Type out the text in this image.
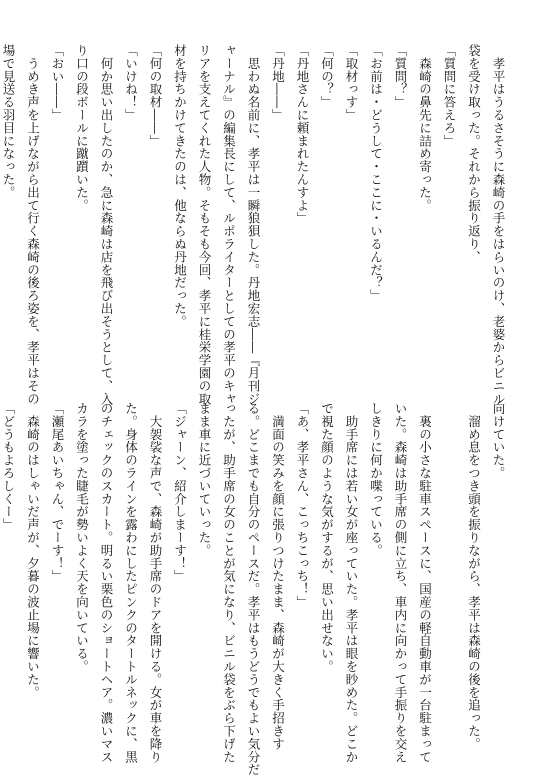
　孝平はうるさそうに森崎の手をはらいのけ、老婆からビニル
袋を受け取った。それから振り返り、
「質問に答えろ」
　森崎の鼻先に詰め寄った。
「質問？」
「お前は・どうして・ここに・いるんだ？」
「取材っす」
「何の？」
「丹地さんに頼まれたんすよ」
「丹地――」
　思わぬ名前に、孝平は一瞬狼狽した。丹地宏志――『月刊ジ
ャーナル』の編集長にして、ルポライターとしての孝平のキャ
リアを支えてくれた人物。そもそも今回、孝平に桂栄学園の取
材を持ちかけてきたのは、他ならぬ丹地だった。
「何の取材――」
「いけね！」
　何か思い出したのか、急に森崎は店を飛び出そうとして、入
り口の段ボールに蹴躓いた。
「おい――」
　うめき声を上げながら出て行く森崎の後ろ姿を、孝平はその
場で見送る羽目になった。
向けていた。
　溜め息をつき頭を振りながら、孝平は森崎の後を追った。

　裏の小さな駐車スペースに、国産の軽自動車が一台駐まって
いた。森崎は助手席の側に立ち、車内に向かって手振りを交え
しきりに何か喋っている。
　助手席には若い女が座っていた。孝平は眼を眇めた。どこか
で視た顔のような気がするが、思い出せない。
「あ、孝平さん、こっちこっち！」
　満面の笑みを顔に張りつけたまま、森崎が大きく手招きす
る。どこまでも自分のペースだ。孝平はもうどうでもよい気分だ
ったが、助手席の女のことが気になり、ビニル袋をぶら下げた
まま車に近づいていった。
「ジャーン、紹介しまーす！」
　大袈裟な声で、森崎が助手席のドアを開ける。女が車を降り
た。身体のラインを露わにしたピンクのタートルネックに、黒
のチェックのスカート。明るい栗色のショートヘア。濃いマス
カラを塗った睫毛が勢いよく天を向いている。
「瀬尾あいちゃん、でーす！」
　森崎のはしゃいだ声が、夕暮の波止場に響いた。
「どうもよろしくー」
